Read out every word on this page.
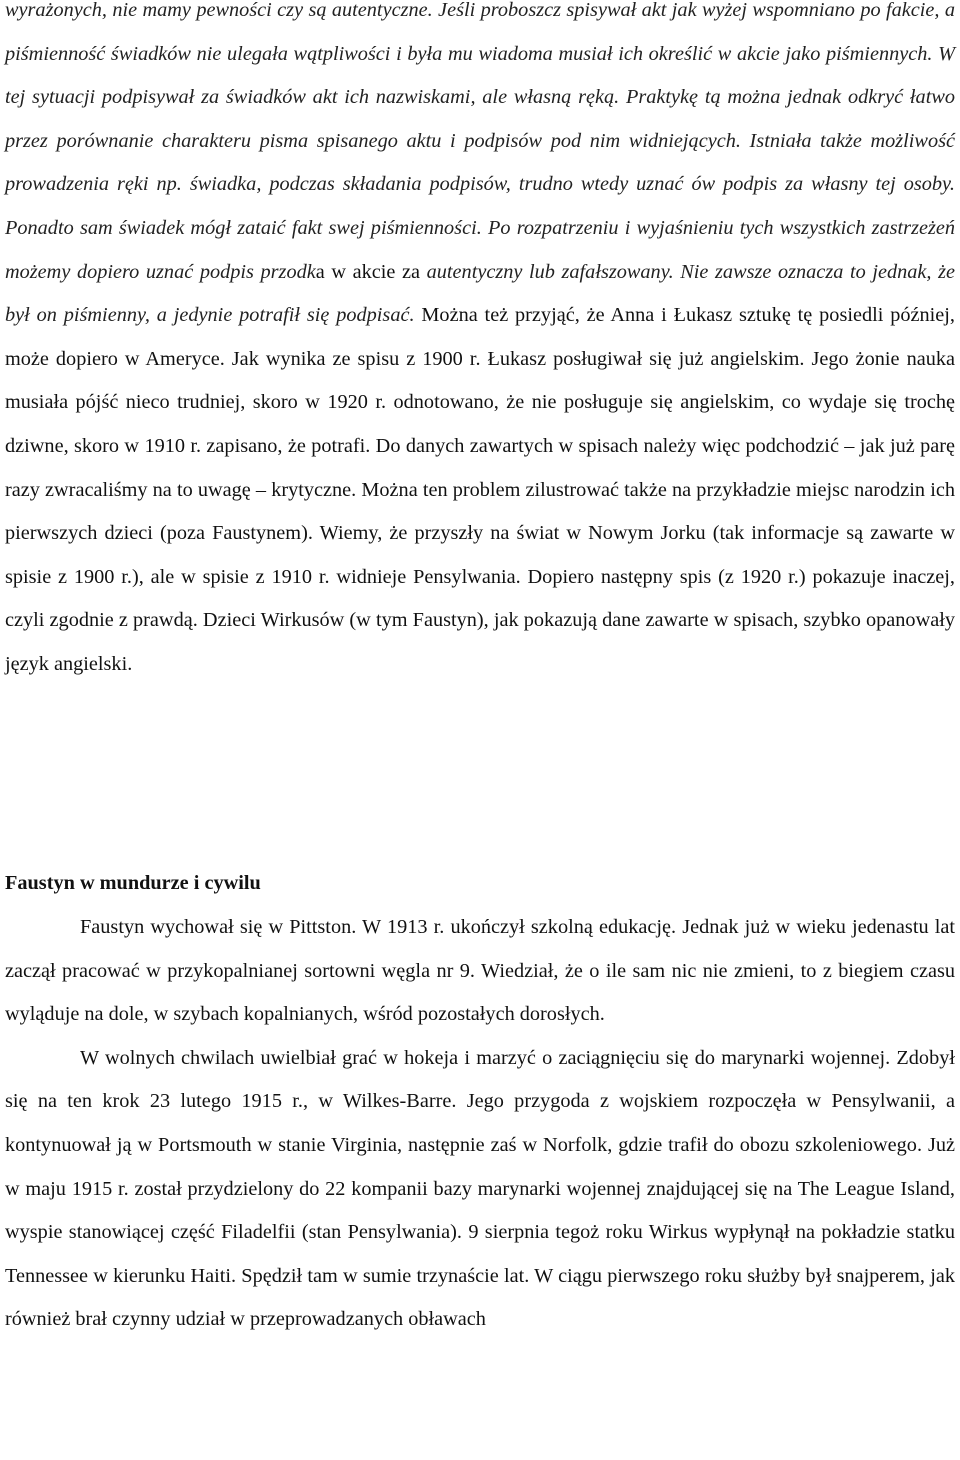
wyrażonych, nie mamy pewności czy są autentyczne. Jeśli proboszcz spisywał akt jak wyżej wspomniano po fakcie, a piśmienność świadków nie ulegała wątpliwości i była mu wiadoma musiał ich określić w akcie jako piśmiennych. W tej sytuacji podpisywał za świadków akt ich nazwiskami, ale własną ręką. Praktykę tą można jednak odkryć łatwo przez porównanie charakteru pisma spisanego aktu i podpisów pod nim widniejących. Istniała także możliwość prowadzenia ręki np. świadka, podczas składania podpisów, trudno wtedy uznać ów podpis za własny tej osoby. Ponadto sam świadek mógł zataić fakt swej piśmienności. Po rozpatrzeniu i wyjaśnieniu tych wszystkich zastrzeżeń możemy dopiero uznać podpis przodka w akcie za autentyczny lub zafałszowany. Nie zawsze oznacza to jednak, że był on piśmienny, a jedynie potrafił się podpisać. Można też przyjąć, że Anna i Łukasz sztukę tę posiedli później, może dopiero w Ameryce. Jak wynika ze spisu z 1900 r. Łukasz posługiwał się już angielskim. Jego żonie nauka musiała pójść nieco trudniej, skoro w 1920 r. odnotowano, że nie posługuje się angielskim, co wydaje się trochę dziwne, skoro w 1910 r. zapisano, że potrafi. Do danych zawartych w spisach należy więc podchodzić – jak już parę razy zwracaliśmy na to uwagę – krytyczne. Można ten problem zilustrować także na przykładzie miejsc narodzin ich pierwszych dzieci (poza Faustynem). Wiemy, że przyszły na świat w Nowym Jorku (tak informacje są zawarte w spisie z 1900 r.), ale w spisie z 1910 r. widnieje Pensylwania. Dopiero następny spis (z 1920 r.) pokazuje inaczej, czyli zgodnie z prawdą. Dzieci Wirkusów (w tym Faustyn), jak pokazują dane zawarte w spisach, szybko opanowały język angielski.

Faustyn w mundurze i cywilu

Faustyn wychował się w Pittston. W 1913 r. ukończył szkolną edukację. Jednak już w wieku jedenastu lat zaczął pracować w przykopalnianej sortowni węgla nr 9. Wiedział, że o ile sam nic nie zmieni, to z biegiem czasu wyląduje na dole, w szybach kopalnianych, wśród pozostałych dorosłych.

W wolnych chwilach uwielbiał grać w hokeja i marzyć o zaciągnięciu się do marynarki wojennej. Zdobył się na ten krok 23 lutego 1915 r., w Wilkes-Barre. Jego przygoda z wojskiem rozpoczęła w Pensylwanii, a kontynuował ją w Portsmouth w stanie Virginia, następnie zaś w Norfolk, gdzie trafił do obozu szkoleniowego. Już w maju 1915 r. został przydzielony do 22 kompanii bazy marynarki wojennej znajdującej się na The League Island, wyspie stanowiącej część Filadelfii (stan Pensylwania). 9 sierpnia tegoż roku Wirkus wypłynął na pokładzie statku Tennessee w kierunku Haiti. Spędził tam w sumie trzynaście lat. W ciągu pierwszego roku służby był snajperem, jak również brał czynny udział w przeprowadzanych obławach
